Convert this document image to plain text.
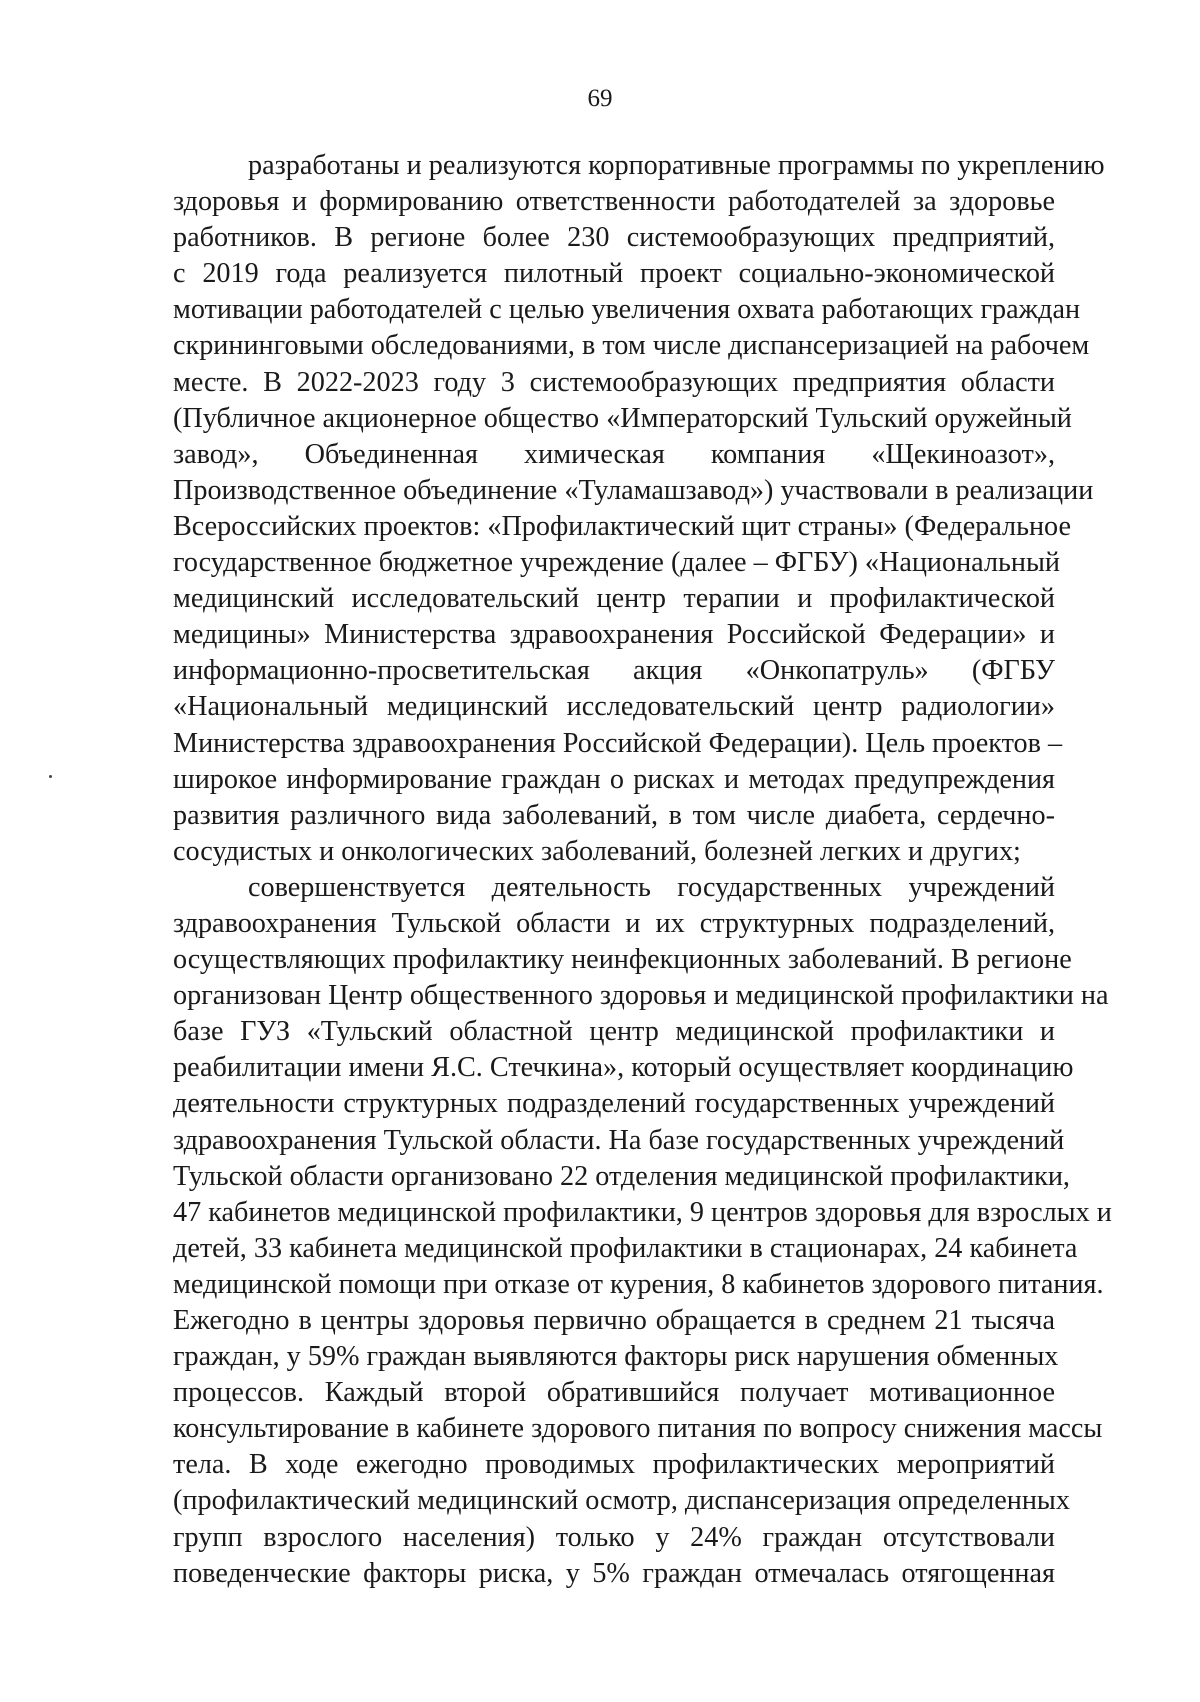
69
разработаны и реализуются корпоративные программы по укреплению
здоровья и формированию ответственности работодателей за здоровье
работников. В регионе более 230 системообразующих предприятий,
с 2019 года реализуется пилотный проект социально-экономической
мотивации работодателей с целью увеличения охвата работающих граждан
скрининговыми обследованиями, в том числе диспансеризацией на рабочем
месте. В 2022-2023 году 3 системообразующих предприятия области
(Публичное акционерное общество «Императорский Тульский оружейный
завод», Объединенная химическая компания «Щекиноазот»,
Производственное объединение «Туламашзавод») участвовали в реализации
Всероссийских проектов: «Профилактический щит страны» (Федеральное
государственное бюджетное учреждение (далее – ФГБУ) «Национальный
медицинский исследовательский центр терапии и профилактической
медицины» Министерства здравоохранения Российской Федерации» и
информационно-просветительская акция «Онкопатруль» (ФГБУ
«Национальный медицинский исследовательский центр радиологии»
Министерства здравоохранения Российской Федерации). Цель проектов –
широкое информирование граждан о рисках и методах предупреждения
развития различного вида заболеваний, в том числе диабета, сердечно-
сосудистых и онкологических заболеваний, болезней легких и других;
совершенствуется деятельность государственных учреждений
здравоохранения Тульской области и их структурных подразделений,
осуществляющих профилактику неинфекционных заболеваний. В регионе
организован Центр общественного здоровья и медицинской профилактики на
базе ГУЗ «Тульский областной центр медицинской профилактики и
реабилитации имени Я.С. Стечкина», который осуществляет координацию
деятельности структурных подразделений государственных учреждений
здравоохранения Тульской области. На базе государственных учреждений
Тульской области организовано 22 отделения медицинской профилактики,
47 кабинетов медицинской профилактики, 9 центров здоровья для взрослых и
детей, 33 кабинета медицинской профилактики в стационарах, 24 кабинета
медицинской помощи при отказе от курения, 8 кабинетов здорового питания.
Ежегодно в центры здоровья первично обращается в среднем 21 тысяча
граждан, у 59% граждан выявляются факторы риск нарушения обменных
процессов. Каждый второй обратившийся получает мотивационное
консультирование в кабинете здорового питания по вопросу снижения массы
тела. В ходе ежегодно проводимых профилактических мероприятий
(профилактический медицинский осмотр, диспансеризация определенных
групп взрослого населения) только у 24% граждан отсутствовали
поведенческие факторы риска, у 5% граждан отмечалась отягощенная
